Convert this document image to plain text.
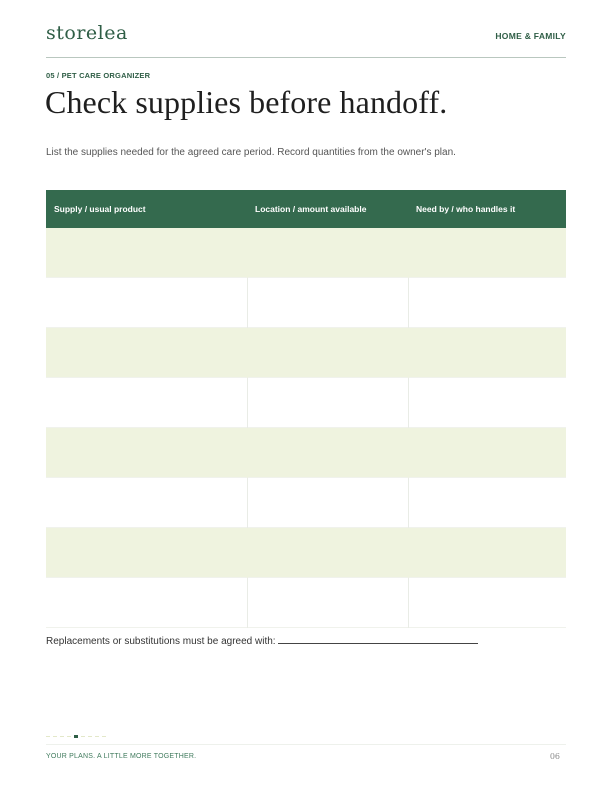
storelea	HOME & FAMILY
05 / PET CARE ORGANIZER
Check supplies before handoff.
List the supplies needed for the agreed care period. Record quantities from the owner's plan.
Supply / usual product	Location / amount available	Need by / who handles it

Replacements or substitutions must be agreed with:
YOUR PLANS. A LITTLE MORE TOGETHER.	06
